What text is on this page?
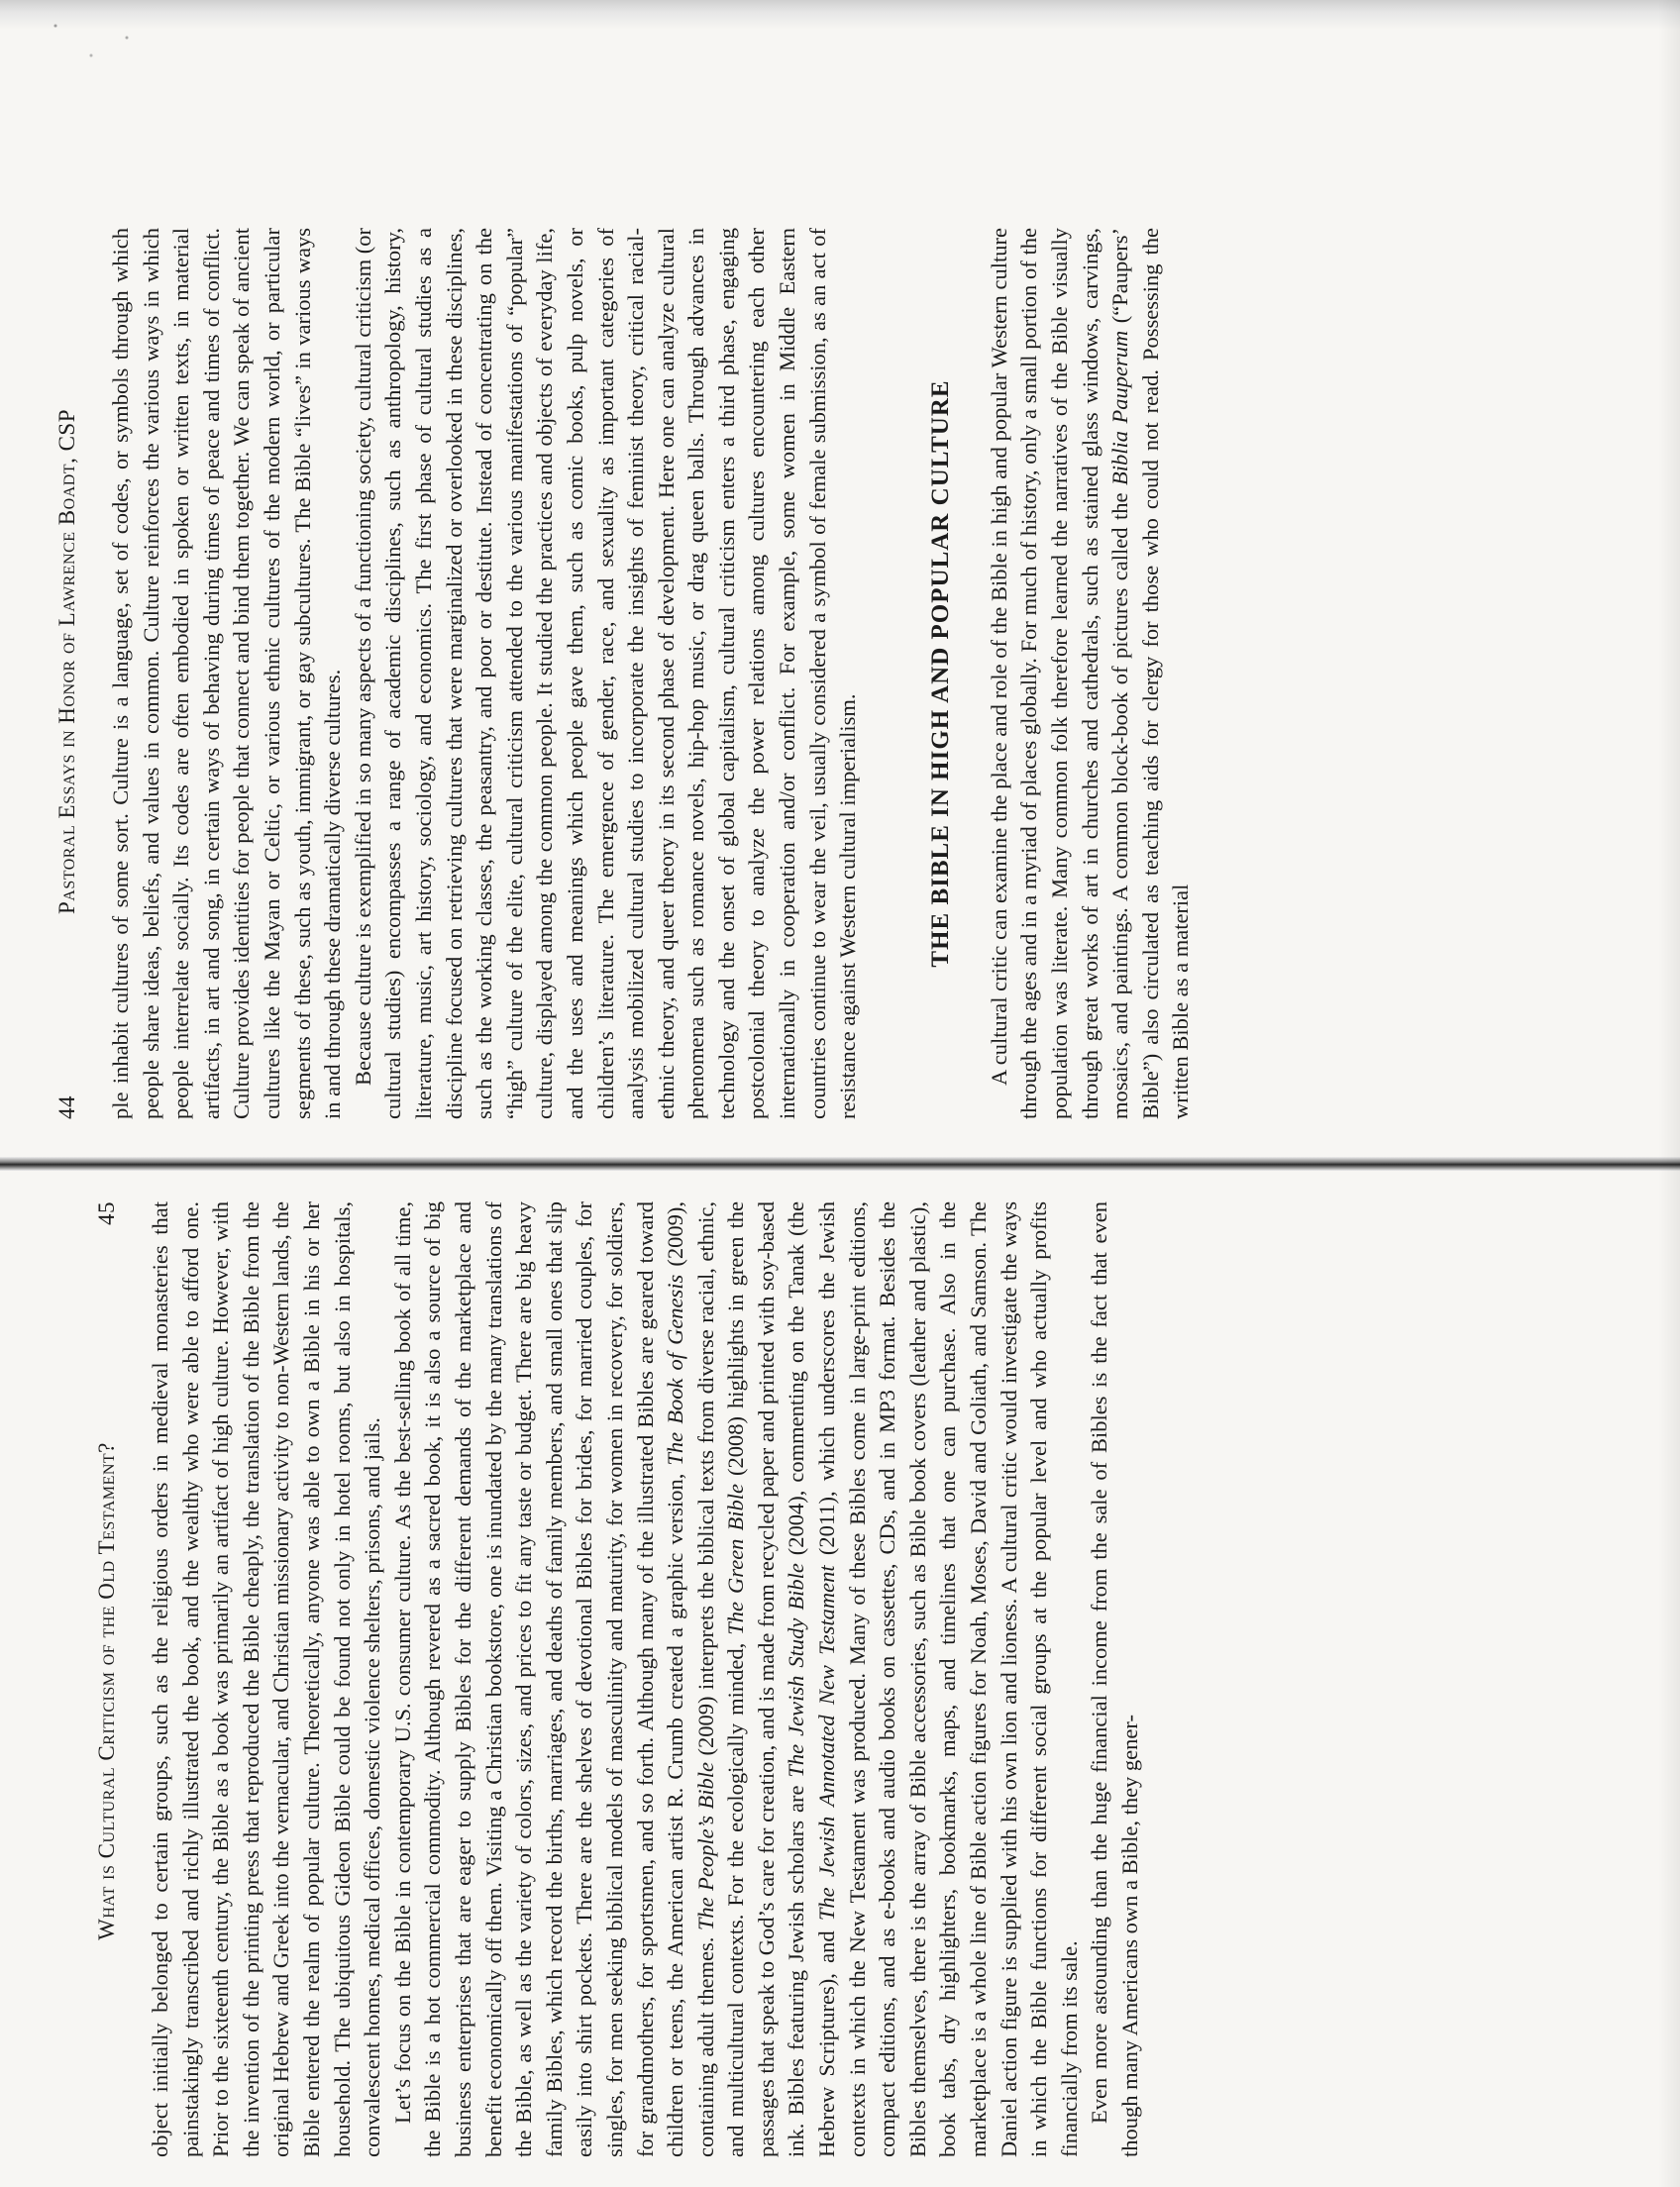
44
Pastoral Essays in Honor of Lawrence Boadt, CSP ple inhabit cultures of some sort. Culture is a language, set of codes, or symbols through which people share ideas, beliefs, and values in common. Culture reinforces the various ways in which people interrelate socially. Its codes are often embodied in spoken or written texts, in material artifacts, in art and song, in certain ways of behaving during times of peace and times of conflict. Culture provides identities for people that connect and bind them together. We can speak of ancient cultures like the Mayan or Celtic, or various ethnic cultures of the modern world, or particular segments of these, such as youth, immigrant, or gay subcultures. The Bible “lives” in various ways in and through these dramatically diverse cultures. Because culture is exemplified in so many aspects of a functioning society, cultural criticism (or cultural studies) encompasses a range of academic disciplines, such as anthropology, history, literature, music, art history, sociology, and economics. The first phase of cultural studies as a discipline focused on retrieving cultures that were marginalized or overlooked in these disciplines, such as the working classes, the peasantry, and poor or destitute. Instead of concentrating on the “high” culture of the elite, cultural criticism attended to the various manifestations of “popular” culture, displayed among the common people. It studied the practices and objects of everyday life, and the uses and meanings which people gave them, such as comic books, pulp novels, or children’s literature. The emergence of gender, race, and sexuality as important categories of analysis mobilized cultural studies to incorporate the insights of feminist theory, critical racial-ethnic theory, and queer theory in its second phase of development. Here one can analyze cultural phenomena such as romance novels, hip-hop music, or drag queen balls. Through advances in technology and the onset of global capitalism, cultural criticism enters a third phase, engaging postcolonial theory to analyze the power relations among cultures encountering each other internationally in cooperation and/or conflict. For example, some women in Middle Eastern countries continue to wear the veil, usually considered a symbol of female submission, as an act of resistance against Western cultural imperialism.	THE BIBLE IN HIGH AND POPULAR CULTURE A cultural critic can examine the place and role of the Bible in high and popular Western culture through the ages and in a myriad of places globally. For much of history, only a small portion of the population was literate. Many common folk therefore learned the narratives of the Bible visually through great works of art in churches and cathedrals, such as stained glass windows, carvings, mosaics, and paintings. A common block-book of pictures called the Biblia Pauperum (“Paupers’ Bible”) also circulated as teaching aids for clergy for those who could not read. Possessing the written Bible as a material

What is Cultural Criticism of the Old Testament?
45 object initially belonged to certain groups, such as the religious orders in medieval monasteries that painstakingly transcribed and richly illustrated the book, and the wealthy who were able to afford one. Prior to the sixteenth century, the Bible as a book was primarily an artifact of high culture. However, with the invention of the printing press that reproduced the Bible cheaply, the translation of the Bible from the original Hebrew and Greek into the vernacular, and Christian missionary activity to non-Western lands, the Bible entered the realm of popular culture. Theoretically, anyone was able to own a Bible in his or her household. The ubiquitous Gideon Bible could be found not only in hotel rooms, but also in hospitals, convalescent homes, medical offices, domestic violence shelters, prisons, and jails. Let’s focus on the Bible in contemporary U.S. consumer culture. As the best-selling book of all time, the Bible is a hot commercial commodity. Although revered as a sacred book, it is also a source of big business enterprises that are eager to supply Bibles for the different demands of the marketplace and benefit economically off them. Visiting a Christian bookstore, one is inundated by the many translations of the Bible, as well as the variety of colors, sizes, and prices to fit any taste or budget. There are big heavy family Bibles, which record the births, marriages, and deaths of family members, and small ones that slip easily into shirt pockets. There are the shelves of devotional Bibles for brides, for married couples, for singles, for men seeking biblical models of masculinity and maturity, for women in recovery, for soldiers, for grandmothers, for sportsmen, and so forth. Although many of the illustrated Bibles are geared toward children or teens, the American artist R. Crumb created a graphic version, The Book of Genesis (2009), containing adult themes. The People’s Bible (2009) interprets the biblical texts from diverse racial, ethnic, and multicultural contexts. For the ecologically minded, The Green Bible (2008) highlights in green the passages that speak to God’s care for creation, and is made from recycled paper and printed with soy-based ink. Bibles featuring Jewish scholars are The Jewish Study Bible (2004), commenting on the Tanak (the Hebrew Scriptures), and The Jewish Annotated New Testament (2011), which underscores the Jewish contexts in which the New Testament was produced. Many of these Bibles come in large-print editions, compact editions, and as e-books and audio books on cassettes, CDs, and in MP3 format. Besides the Bibles themselves, there is the array of Bible accessories, such as Bible book covers (leather and plastic), book tabs, dry highlighters, bookmarks, maps, and timelines that one can purchase. Also in the marketplace is a whole line of Bible action figures for Noah, Moses, David and Goliath, and Samson. The Daniel action figure is supplied with his own lion and lioness. A cultural critic would investigate the ways in which the Bible functions for different social groups at the popular level and who actually profits financially from its sale. Even more astounding than the huge financial income from the sale of Bibles is the fact that even though many Americans own a Bible, they gener-
